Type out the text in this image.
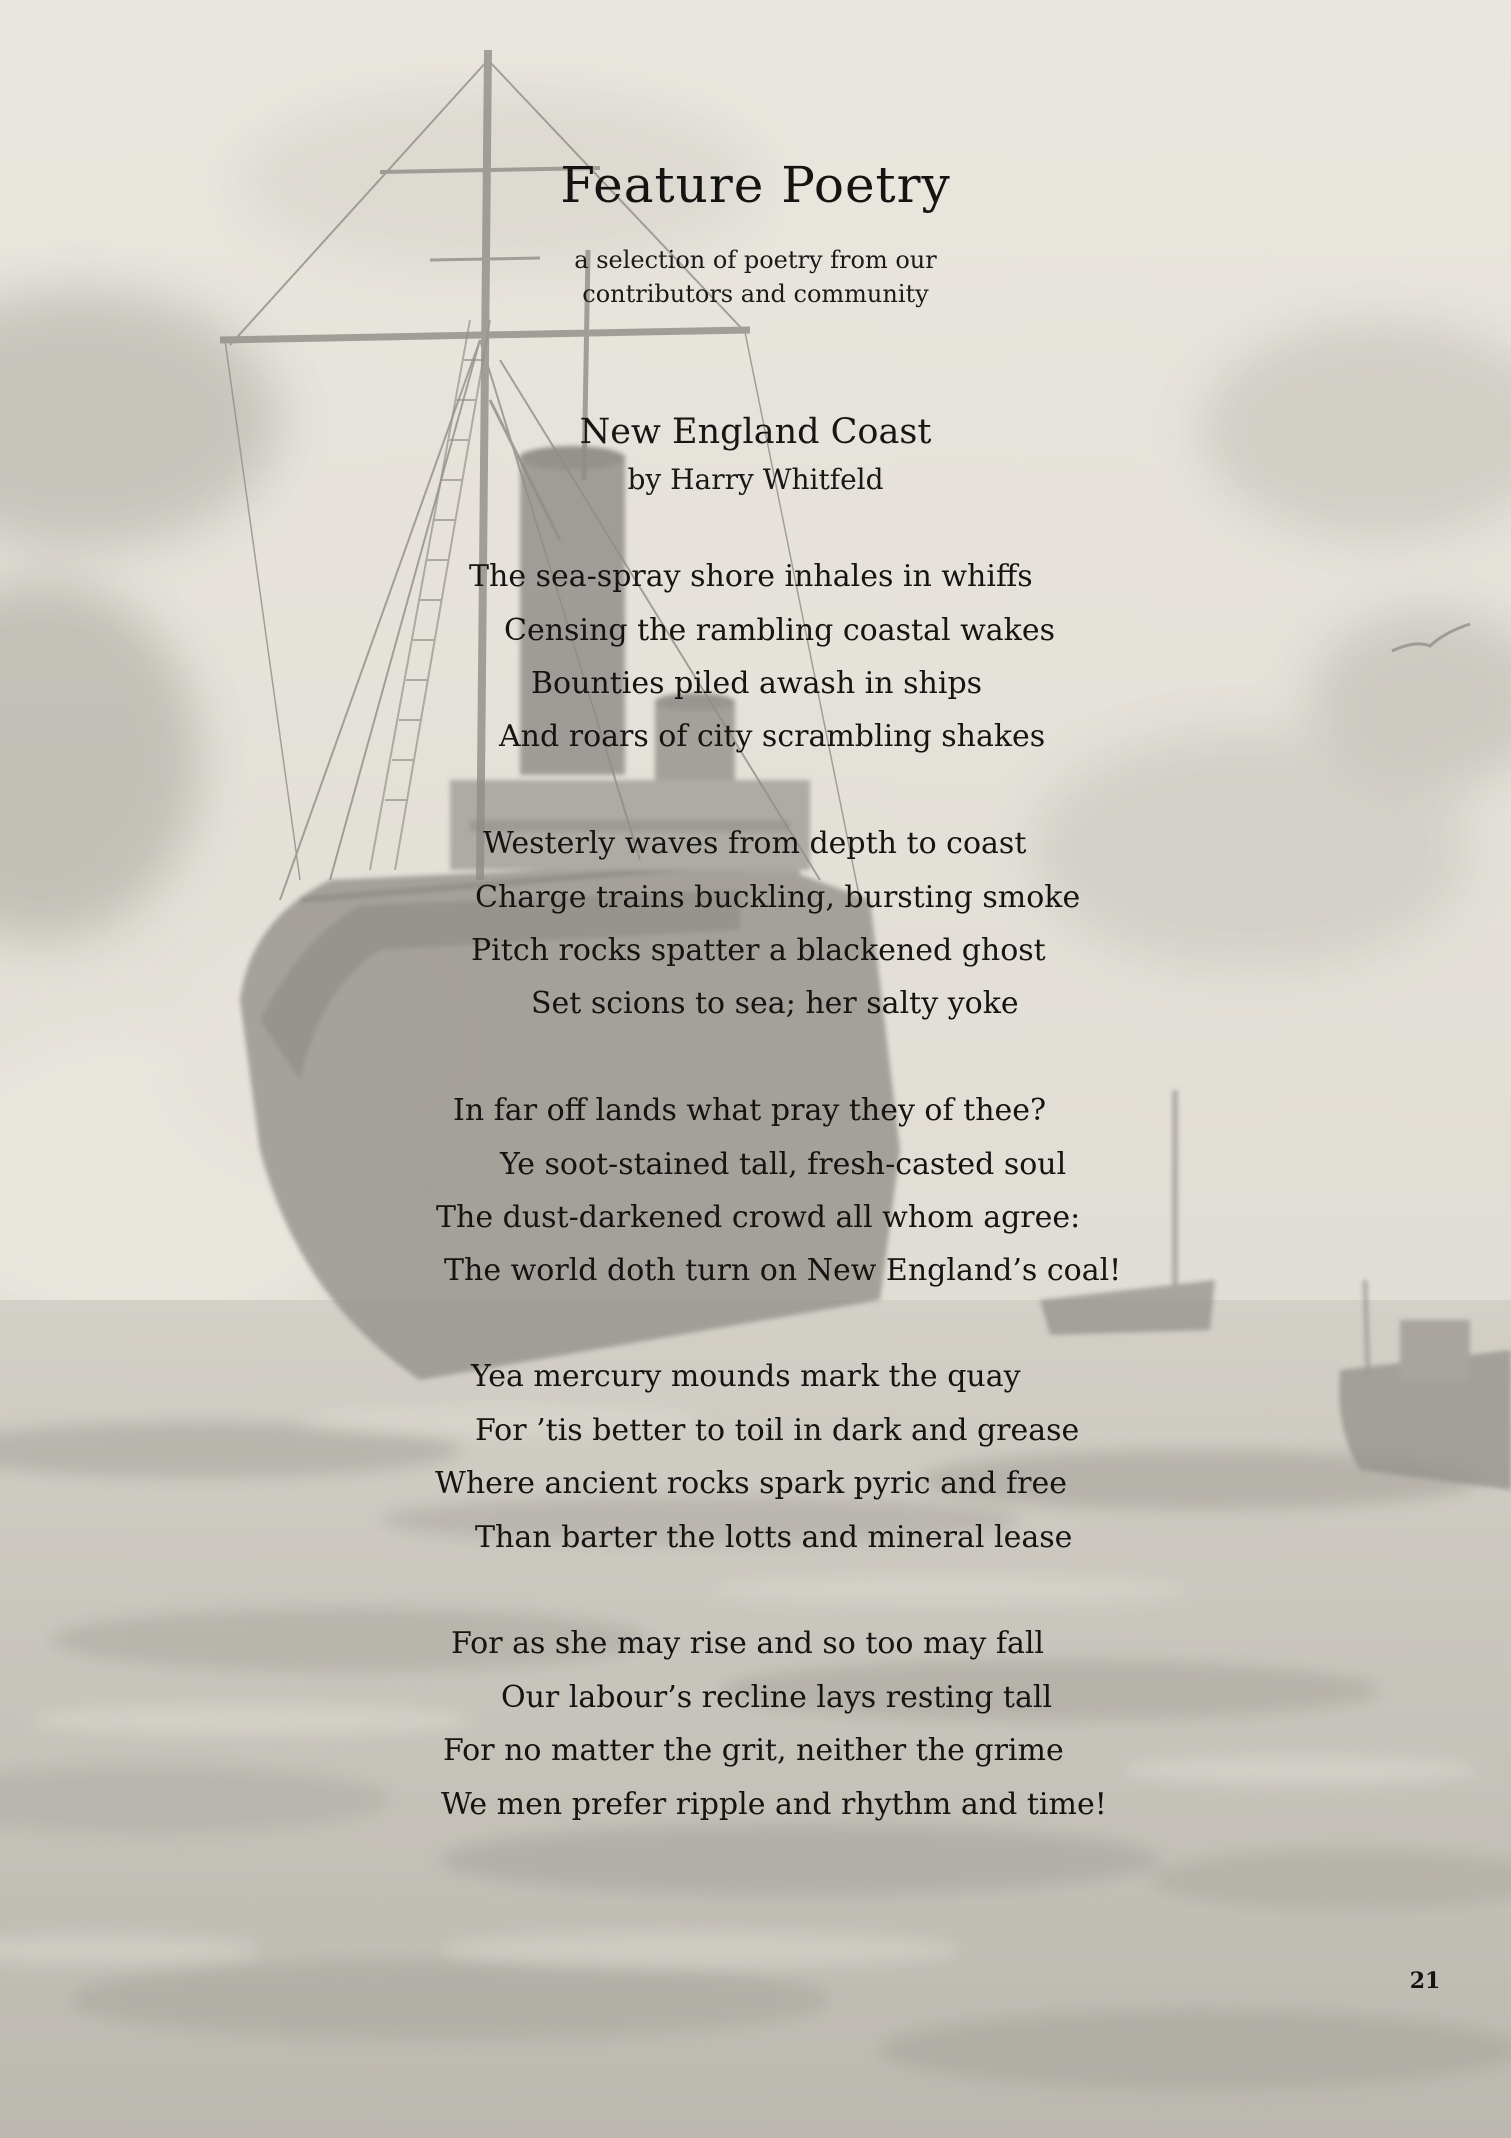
Feature Poetry
a selection of poetry from our
contributors and community
New England Coast
by Harry Whitfeld
The sea-spray shore inhales in whiffs
Censing the rambling coastal wakes
Bounties piled awash in ships
And roars of city scrambling shakes
Westerly waves from depth to coast
Charge trains buckling, bursting smoke
Pitch rocks spatter a blackened ghost
Set scions to sea; her salty yoke
In far off lands what pray they of thee?
Ye soot-stained tall, fresh-casted soul
The dust-darkened crowd all whom agree:
The world doth turn on New England’s coal!
Yea mercury mounds mark the quay
For ’tis better to toil in dark and grease
Where ancient rocks spark pyric and free
Than barter the lotts and mineral lease
For as she may rise and so too may fall
Our labour’s recline lays resting tall
For no matter the grit, neither the grime
We men prefer ripple and rhythm and time!
21
